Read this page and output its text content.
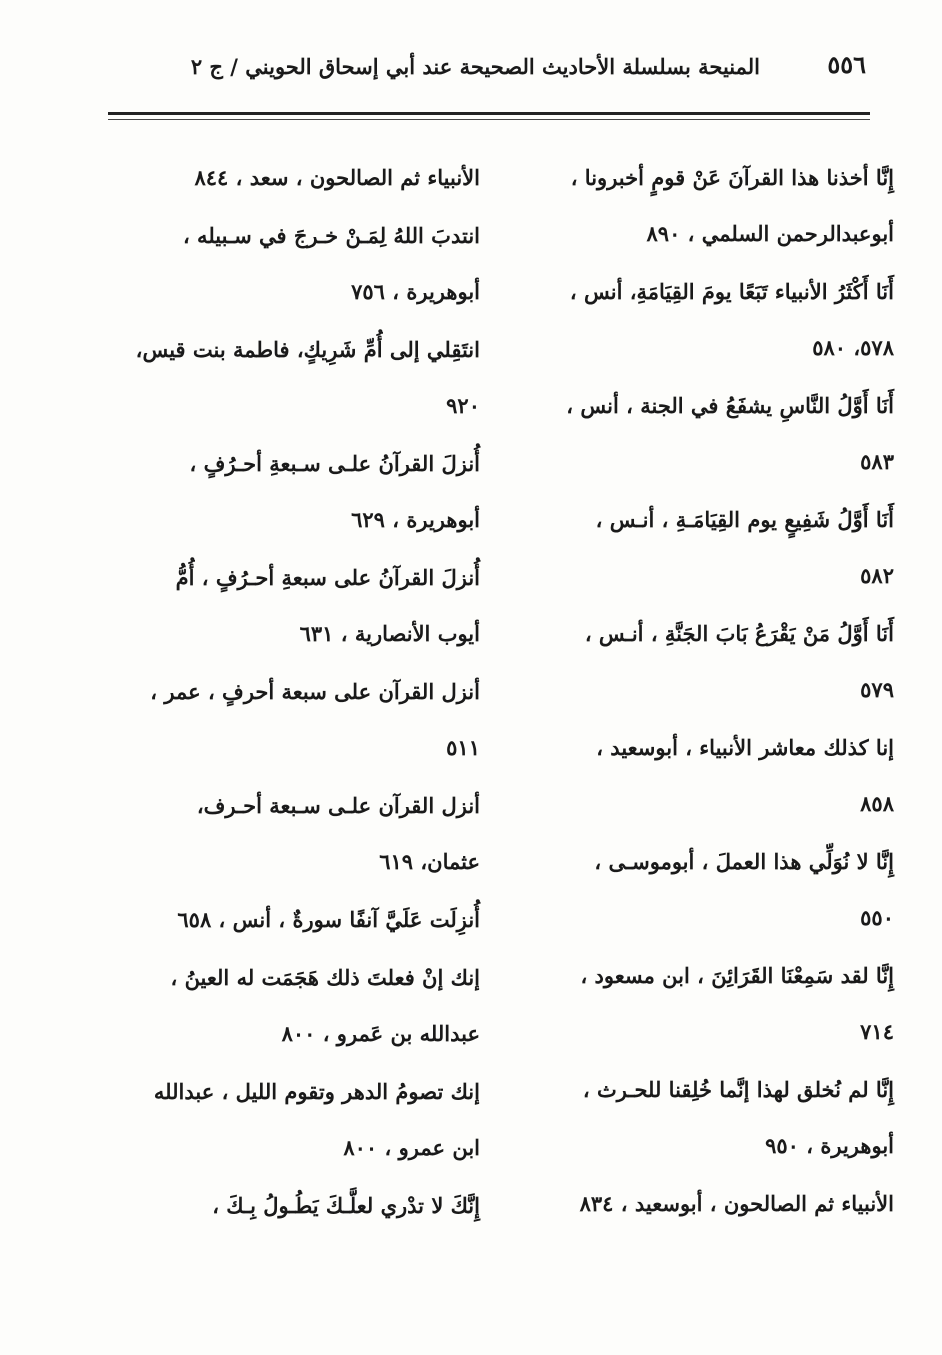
٥٥٦
المنيحة بسلسلة الأحاديث الصحيحة عند أبي إسحاق الحويني / ج ٢
إِنَّا أخذنا هذا القرآنَ عَنْ قومٍ أخبرونا ،
أبوعبدالرحمن السلمي ، ٨٩٠
أَنَا أَكْثَرُ الأنبياء تَبَعًا يومَ القِيَامَةِ، أنس ،
٥٧٨، ٥٨٠
أَنَا أَوَّلُ النَّاسِ يشفَعُ في الجنة ، أنس ،
٥٨٣
أَنَا أَوَّلُ شَفِيعٍ يوم القِيَامَـةِ ، أنـس ،
٥٨٢
أَنَا أَوَّلُ مَنْ يَقْرَعُ بَابَ الجَنَّةِ ، أنـس ،
٥٧٩
إنا كذلك معاشر الأنبياء ، أبوسعيد ،
٨٥٨
إِنَّا لا نُوَلِّي هذا العملَ ، أبوموسـى ،
٥٥٠
إِنَّا لقد سَمِعْنَا القَرَائِنَ ، ابن مسعود ،
٧١٤
إِنَّا لم نُخلق لهذا إنَّما خُلِقنا للحـرث ،
أبوهريرة ، ٩٥٠
الأنبياء ثم الصالحون ، أبوسعيد ، ٨٣٤
الأنبياء ثم الصالحون ، سعد ، ٨٤٤
انتدبَ اللهُ لِمَـنْ خـرجَ في سـبيله ،
أبوهريرة ، ٧٥٦
انتَقِلي إلى أُمِّ شَرِيكٍ، فاطمة بنت قيس،
٩٢٠
أُنزلَ القرآنُ علـى سـبعةِ أحـرُفٍ ،
أبوهريرة ، ٦٢٩
أُنزلَ القرآنُ على سبعةِ أحـرُفٍ ، أُمُّ
أيوب الأنصارية ، ٦٣١
أنزل القرآن على سبعة أحرفٍ ، عمر ،
٥١١
أنزل القرآن علـى سـبعة أحـرف،
عثمان، ٦١٩
أُنزِلَت عَلَيَّ آنفًا سورةٌ ، أنس ، ٦٥٨
إنك إنْ فعلتَ ذلك هَجَمَت له العينُ ،
عبدالله بن عَمرو ، ٨٠٠
إنك تصومُ الدهر وتقوم الليل ، عبدالله
ابن عمرو ، ٨٠٠
إِنَّكَ لا تدْري لعلَّـكَ يَطُـولُ بِـكَ ،
